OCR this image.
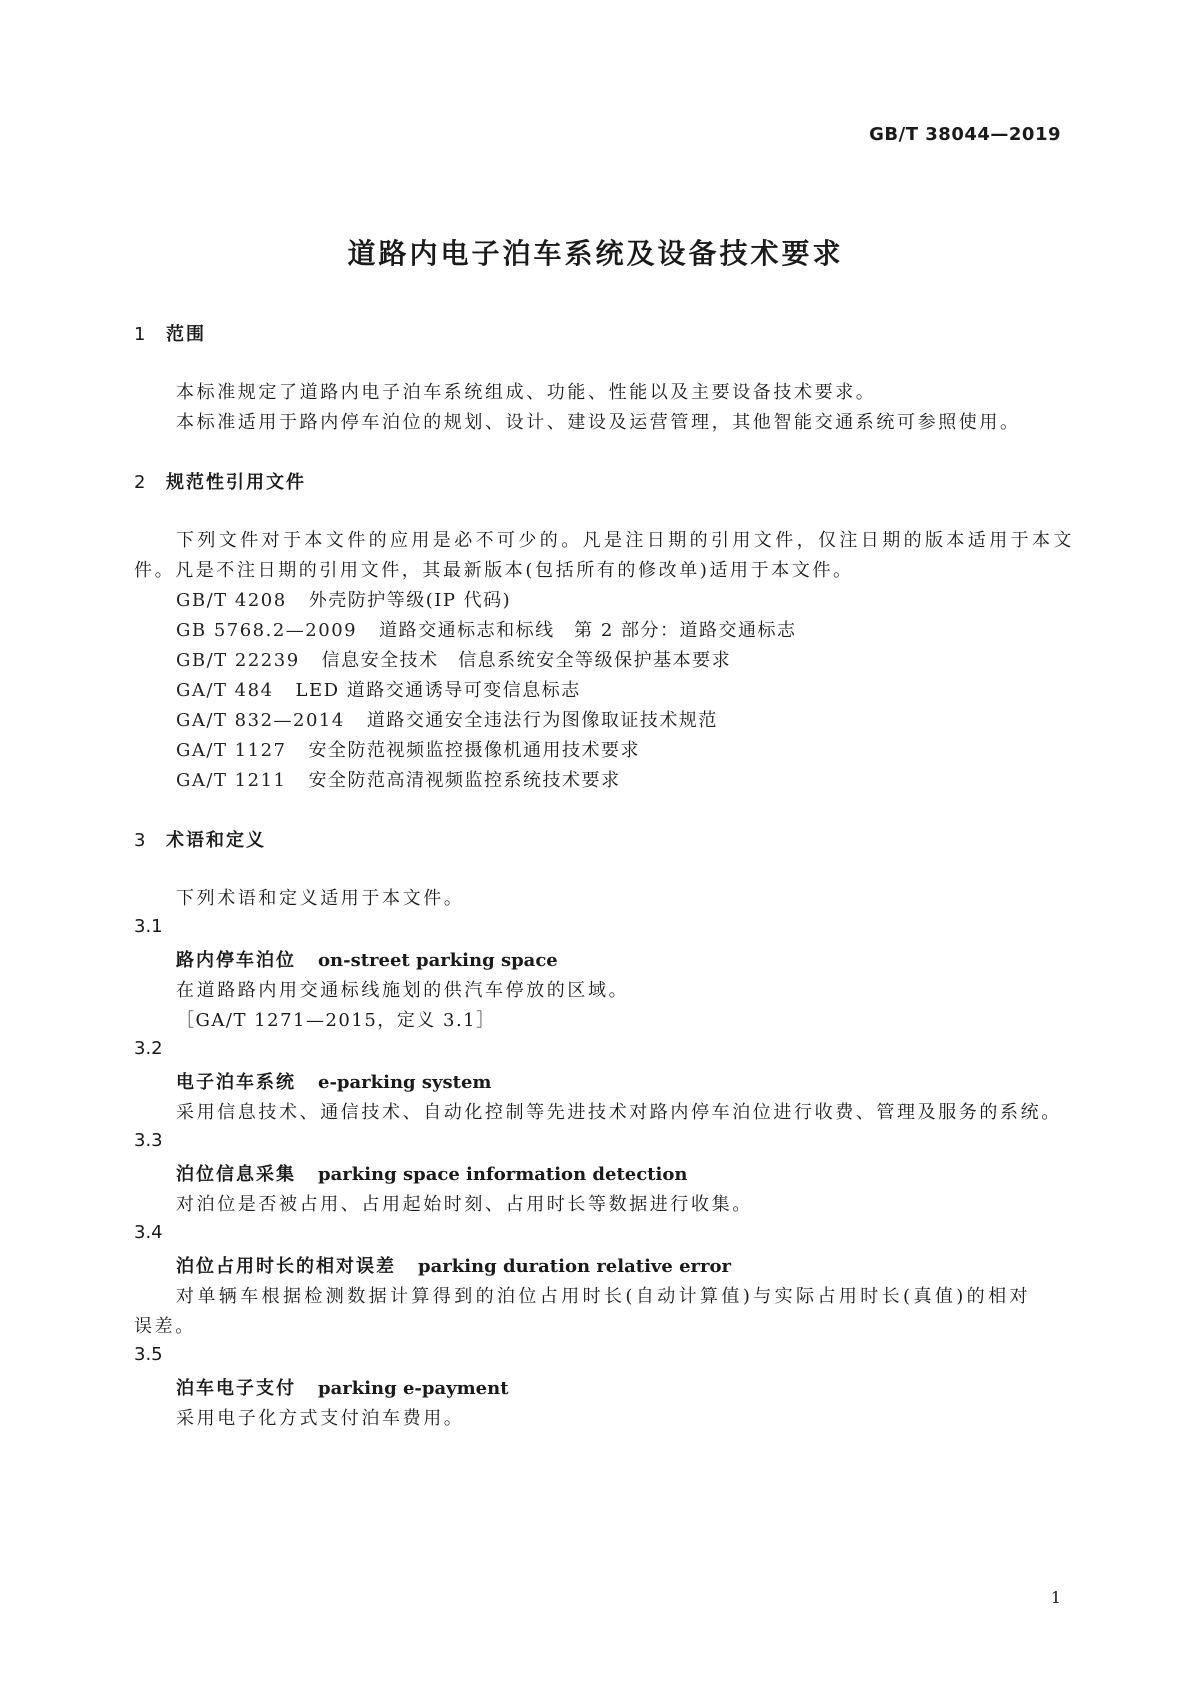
GB/T 38044—2019
道路内电子泊车系统及设备技术要求
1 范围
本标准规定了道路内电子泊车系统组成、功能、性能以及主要设备技术要求。
本标准适用于路内停车泊位的规划、设计、建设及运营管理，其他智能交通系统可参照使用。
2 规范性引用文件
下列文件对于本文件的应用是必不可少的。凡是注日期的引用文件，仅注日期的版本适用于本文
件。凡是不注日期的引用文件，其最新版本(包括所有的修改单)适用于本文件。
GB/T 4208 外壳防护等级(IP 代码)
GB 5768.2—2009 道路交通标志和标线　第 2 部分：道路交通标志
GB/T 22239 信息安全技术　信息系统安全等级保护基本要求
GA/T 484 LED 道路交通诱导可变信息标志
GA/T 832—2014 道路交通安全违法行为图像取证技术规范
GA/T 1127 安全防范视频监控摄像机通用技术要求
GA/T 1211 安全防范高清视频监控系统技术要求
3 术语和定义
下列术语和定义适用于本文件。
3.1
路内停车泊位 on-street parking space
在道路路内用交通标线施划的供汽车停放的区域。
［GA/T 1271—2015，定义 3.1］
3.2
电子泊车系统 e-parking system
采用信息技术、通信技术、自动化控制等先进技术对路内停车泊位进行收费、管理及服务的系统。
3.3
泊位信息采集 parking space information detection
对泊位是否被占用、占用起始时刻、占用时长等数据进行收集。
3.4
泊位占用时长的相对误差 parking duration relative error
对单辆车根据检测数据计算得到的泊位占用时长(自动计算值)与实际占用时长(真值)的相对
误差。
3.5
泊车电子支付 parking e-payment
采用电子化方式支付泊车费用。
1
